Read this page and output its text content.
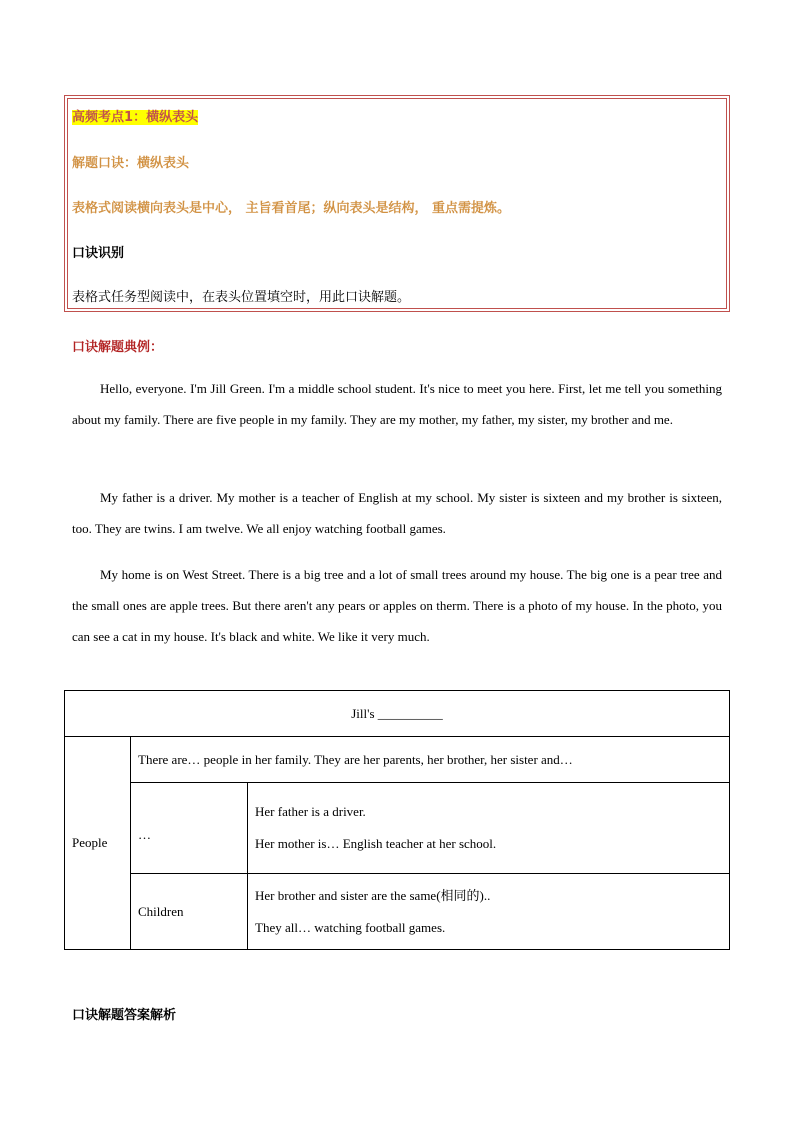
高频考点1：横纵表头
解题口诀：横纵表头
表格式阅读横向表头是中心， 主旨看首尾；纵向表头是结构， 重点需提炼。
口诀识别
表格式任务型阅读中，在表头位置填空时，用此口诀解题。
口诀解题典例：

Hello, everyone. I'm Jill Green. I'm a middle school student. It's nice to meet you here. First, let me tell you something about my family. There are five people in my family. They are my mother, my father, my sister, my brother and me.

My father is a driver. My mother is a teacher of English at my school. My sister is sixteen and my brother is sixteen, too. They are twins. I am twelve. We all enjoy watching football games.

My home is on West Street. There is a big tree and a lot of small trees around my house. The big one is a pear tree and the small ones are apple trees. But there aren't any pears or apples on therm. There is a photo of my house. In the photo, you can see a cat in my house. It's black and white. We like it very much.

Jill's __________		
People	There are… people in her family. They are her parents, her brother, her sister and…	
	…	Her father is a driver.
Her mother is… English teacher at her school.

	Children	Her brother and sister are the same(相同的)..
They all… watching football games.
口诀解题答案解析
